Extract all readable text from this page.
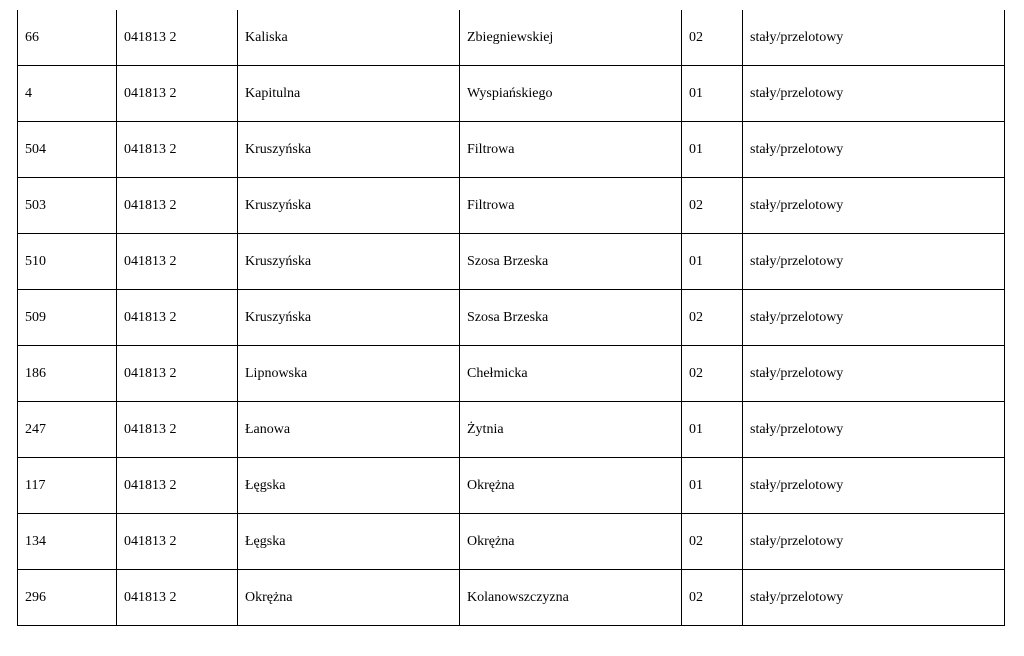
66	041813 2	Kaliska	Zbiegniewskiej	02	stały/przelotowy
4	041813 2	Kapitulna	Wyspiańskiego	01	stały/przelotowy
504	041813 2	Kruszyńska	Filtrowa	01	stały/przelotowy
503	041813 2	Kruszyńska	Filtrowa	02	stały/przelotowy
510	041813 2	Kruszyńska	Szosa Brzeska	01	stały/przelotowy
509	041813 2	Kruszyńska	Szosa Brzeska	02	stały/przelotowy
186	041813 2	Lipnowska	Chełmicka	02	stały/przelotowy
247	041813 2	Łanowa	Żytnia	01	stały/przelotowy
117	041813 2	Łęgska	Okrężna	01	stały/przelotowy
134	041813 2	Łęgska	Okrężna	02	stały/przelotowy
296	041813 2	Okrężna	Kolanowszczyzna	02	stały/przelotowy
